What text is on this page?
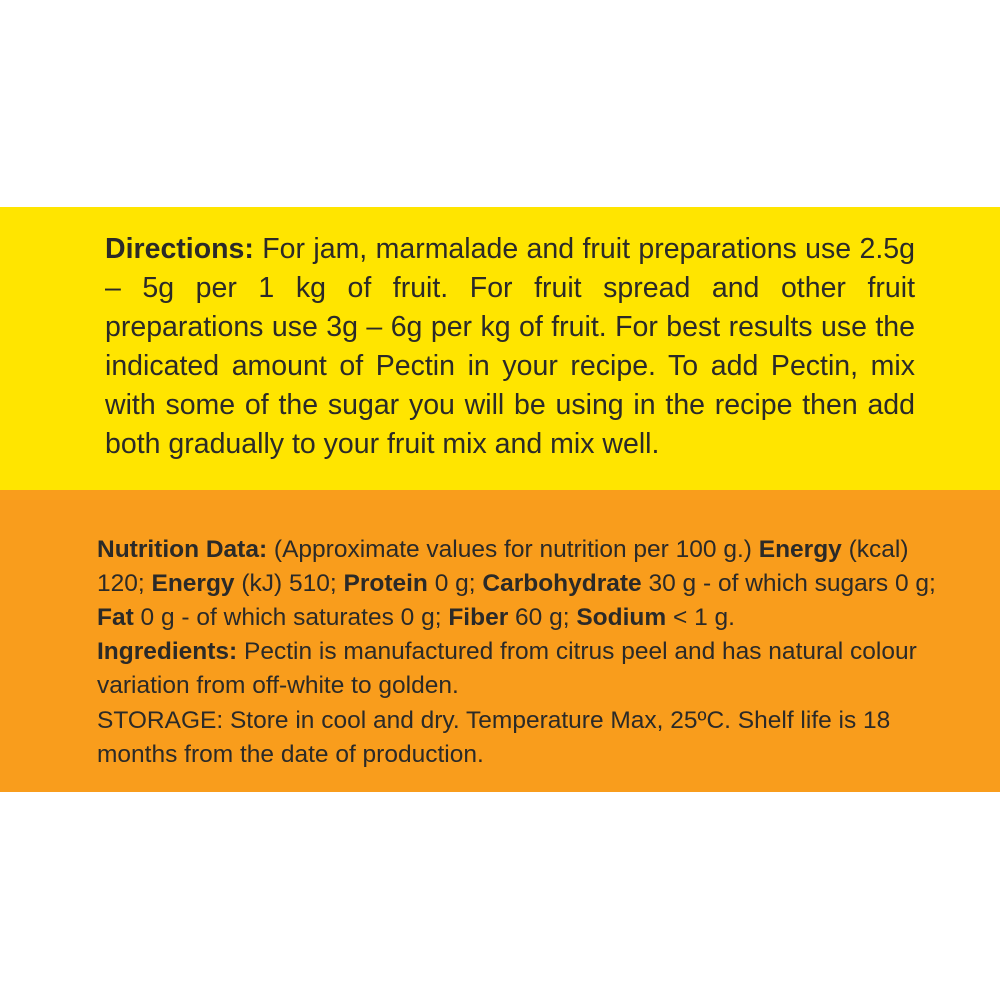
Directions: For jam, marmalade and fruit preparations use 2.5g – 5g per 1 kg of fruit. For fruit spread and other fruit preparations use 3g – 6g per kg of fruit. For best results use the indicated amount of Pectin in your recipe. To add Pectin, mix with some of the sugar you will be using in the recipe then add both gradually to your fruit mix and mix well.

Nutrition Data: (Approximate values for nutrition per 100 g.) Energy (kcal) 120; Energy (kJ) 510; Protein 0 g; Carbohydrate 30 g - of which sugars 0 g; Fat 0 g - of which saturates 0 g; Fiber 60 g; Sodium < 1 g.

Ingredients: Pectin is manufactured from citrus peel and has natural colour variation from off-white to golden.

STORAGE: Store in cool and dry. Temperature Max, 25ºC. Shelf life is 18 months from the date of production.
